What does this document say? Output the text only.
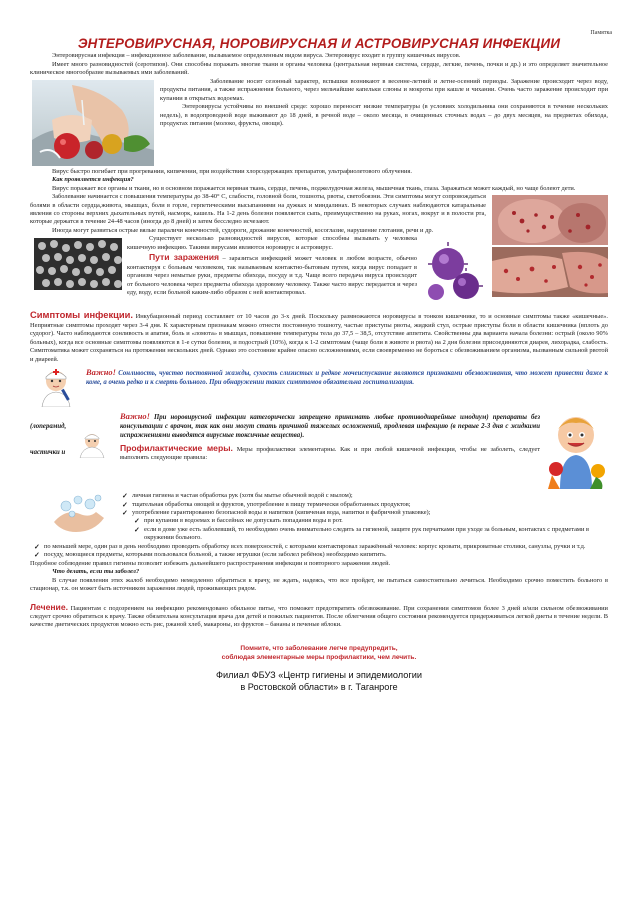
Памятка
ЭНТЕРОВИРУСНАЯ, НОРОВИРУСНАЯ И АСТРОВИРУСНАЯ ИНФЕКЦИИ

Энтеровирусная инфекция – инфекционное заболевание, вызываемое определенным видом вируса. Энтеровирус входит в группу кишечных вирусов.

Имеет много разновидностей (серотипов). Они способны поражать многие ткани и органы человека (центральная нервная система, сердце, легкие, печень, почки и др.) и это определяет значительное клиническое многообразие вызываемых ими заболеваний.

Заболевание носит сезонный характер, вспышки возникают в весенне-летний и летне-осенний периоды. Заражение происходит через воду, продукты питания, а также испражнения больного, через мельчайшие капельки слюны и мокроты при кашле и чихании. Очень часто заражение происходит при купании в открытых водоемах.

Энтеровирусы устойчивы во внешней среде: хорошо переносят низкие температуры (в условиях холодильника они сохраняются в течение нескольких недель), в водопроводной воде выживают до 18 дней, в речной воде – около месяца, в очищенных сточных водах – до двух месяцев, на предметах обихода, продуктах питания (молоко, фрукты, овощи).

Вирус быстро погибает при прогревании, кипячении, при воздействии хлорсодержащих препаратов, ультрафиолетового облучения.

Как проявляется инфекция?

Вирус поражает все органы и ткани, но в основном поражается нервная ткань, сердце, печень, поджелудочная железа, мышечная ткань, глаза. Заражаться может каждый, но чаще болеют дети.

Заболевание начинается с повышения температуры до 38-40° С, слабости, головной боли, тошноты, рвоты, светобоязни. Эти симптомы могут сопровождаться болями в области сердца,живота, мышцах, боли в горле, герпетическими высыпаниями на дужках и миндалинах. В некоторых случаях наблюдаются катаральные явления со стороны верхних дыхательных путей, насморк, кашель. На 1-2 день болезни появляется сыпь, преимущественно на руках, ногах, вокруг и в полости рта, которые держатся в течение 24-48 часов (иногда до 8 дней) и затем бесследно исчезают.

Иногда могут развиться острые вялые параличи конечностей, судороги, дрожание конечностей, косоглазие, нарушение глотания, речи и др.

Существует несколько разновидностей вирусов, которые способны вызывать у человека кишечную инфекцию. Такими вирусами являются норовирус и астровирус.

Пути заражения – заразиться инфекцией может человек в любом возрасте, обычно контактируя с больным человеком, так называемым контактно-бытовым путем, когда вирус попадает в организм через немытые руки, предметы обихода, посуду и т.д. Чаще всего передача вируса происходит от больного человека через предметы обихода здоровому человеку. Также часто вирус передается и через еду, воду, если больной каким-либо образом с ней контактировал.

Симптомы инфекции. Инкубационный период составляет от 10 часов до 3-х дней. Поскольку размножаются норовирусы в тонком кишечнике, то и основные симптомы также «кишечные». Неприятные симптомы проходят через 3-4 дня. К характерным признакам можно отнести постоянную тошноту, частые приступы рвоты, жидкий стул, острые приступы боли в области кишечника (вплоть до судорог). Часто наблюдаются сонливость и апатия, боль и «ломота» в мышцах, повышение температуры тела до 37,5 – 38,5, отсутствие аппетита. Свойственны два варианта начала болезни: острый (около 90% больных), когда все основные симптомы появляются в 1-е сутки болезни, и подострый (10%), когда к 1-2 симптомам (чаще боли в животе и рвота) на 2 дня болезни присоединяются диарея, лихорадка, слабость. Симптоматика может сохраняться на протяжении нескольких дней. Однако это состояние крайне опасно осложнениями, если своевременно не бороться с обезвоживанием организма, вызванным сильной рвотой и диареей.

Важно! Сонливость, чувство постоянной жажды, сухость слизистых и редкое мочеиспускание являются признаками обезвоживания, что может привести даже к коме, а очень редко и к смерть больного. При обнаружении таких симптомов обязательна госпитализация.

(лоперамид,
частички и

Важно! При норовирусной инфекции категорически запрещено принимать любые противодиарейные имодиум) препараты без консультации с врачом, так как они могут стать причиной тяжелых осложнений, продлевая инфекцию (в первые 2-3 дня с жидкими испражнениями выводятся вирусные токсичные вещества).

Профилактические меры. Меры профилактики элементарны. Как и при любой кишечной инфекции, чтобы не заболеть, следует выполнять следующие правила:

✓ личная гигиена и частая обработка рук (хотя бы мытье обычной водой с мылом);
✓ тщательная обработка овощей и фруктов, употребление в пищу термически обработанных продуктов;
✓ употребление гарантированно безопасной воды и напитков (кипяченая вода, напитки в фабричной упаковке);
✓ при купании в водоемах и бассейнах не допускать попадания воды в рот.
✓ если в доме уже есть заболевший, то необходимо очень внимательно следить за гигиеной, защите рук перчатками при уходе за больным, контактах с предметами в окружении больного.
✓ по меньшей мере, один раз в день необходимо проводить обработку всех поверхностей, с которыми контактировал заражённый человек: корпус кровати, прикроватные столики, санузлы, ручки и т.д.
✓ посуду, моющиеся предметы, которыми пользовался больной, а также игрушки (если заболел ребёнок) необходимо кипятить.

Подобное соблюдение правил гигиены позволит избежать дальнейшего распространения инфекции и повторного заражения людей.

Что делать, если ты заболел?

В случае появления этих жалоб необходимо немедленно обратиться к врачу, не ждать, надеясь, что все пройдет, не пытаться самостоятельно лечиться. Необходимо срочно поместить больного в стационар, т.к. он может быть источником заражения людей, проживающих рядом.

Лечение. Пациентам с подозрением на инфекцию рекомендовано обильное питье, что поможет предотвратить обезвоживание. При сохранении симптомов более 3 дней и/или сильном обезвоживании следует срочно обратиться к врачу. Также обязательна консультация врача для детей и пожилых пациентов. После облегчения общего состояния рекомендуется придерживаться легкой диеты в течение недели. В качестве диетических продуктов можно есть рис, ржаной хлеб, макароны, из фруктов – бананы и печеные яблоки.

Помните, что заболевание легче предупредить,
соблюдая элементарные меры профилактики, чем лечить.
Филиал ФБУЗ «Центр гигиены и эпидемиологии
в Ростовской области» в г. Таганроге
